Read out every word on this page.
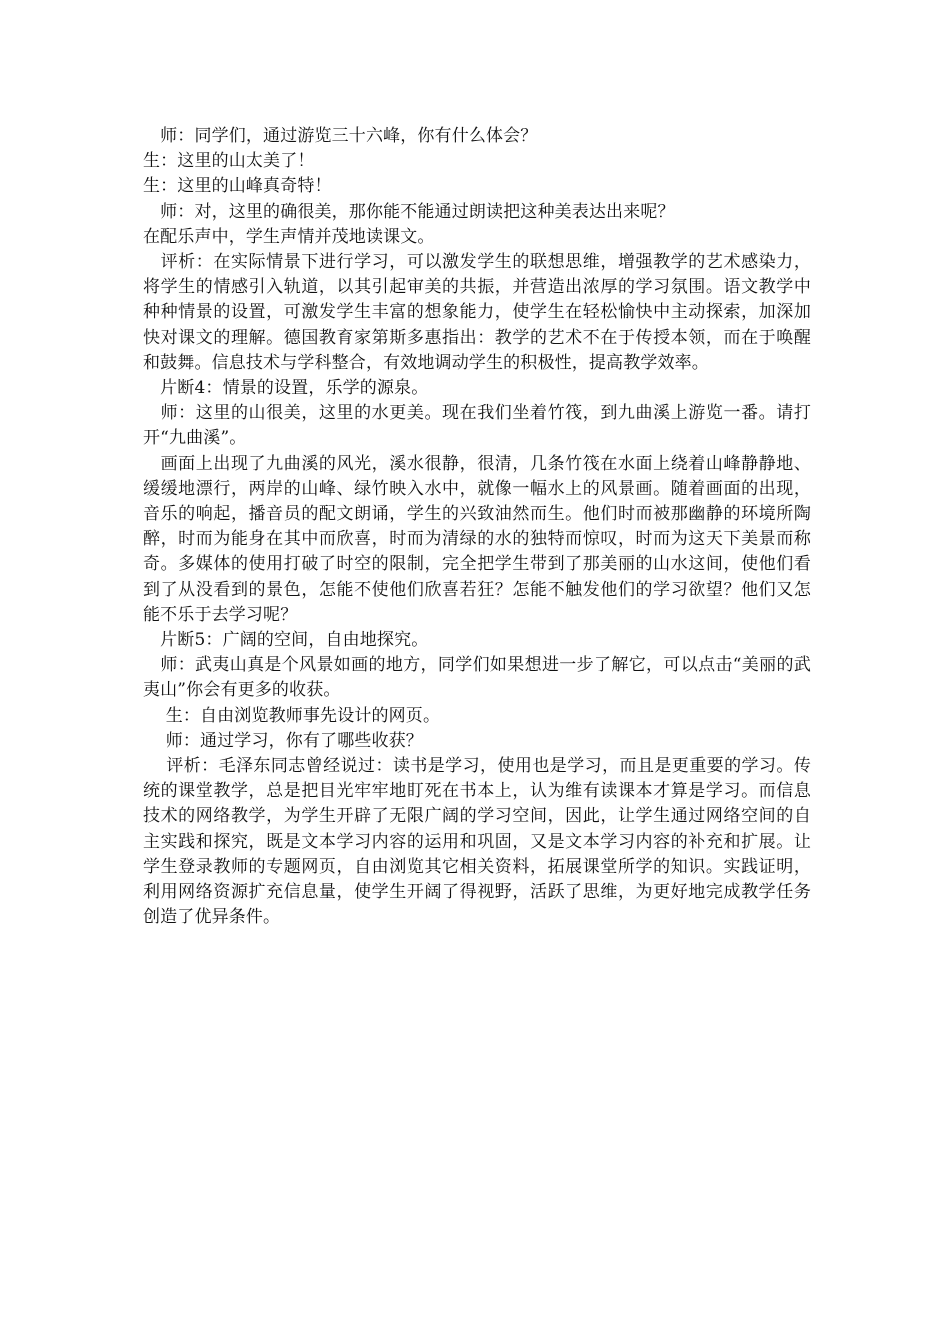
　师：同学们，通过游览三十六峰，你有什么体会？
生：这里的山太美了！
生：这里的山峰真奇特！
　师：对，这里的确很美，那你能不能通过朗读把这种美表达出来呢？
在配乐声中，学生声情并茂地读课文。

　评析：在实际情景下进行学习，可以激发学生的联想思维，增强教学的艺术感染力，将学生的情感引入轨道，以其引起审美的共振，并营造出浓厚的学习氛围。语文教学中种种情景的设置，可激发学生丰富的想象能力，使学生在轻松愉快中主动探索，加深加快对课文的理解。德国教育家第斯多惠指出：教学的艺术不在于传授本领，而在于唤醒和鼓舞。信息技术与学科整合，有效地调动学生的积极性，提高教学效率。

　片断4：情景的设置，乐学的源泉。

　师：这里的山很美，这里的水更美。现在我们坐着竹筏，到九曲溪上游览一番。请打开“九曲溪”。

　画面上出现了九曲溪的风光，溪水很静，很清，几条竹筏在水面上绕着山峰静静地、缓缓地漂行，两岸的山峰、绿竹映入水中，就像一幅水上的风景画。随着画面的出现，音乐的响起，播音员的配文朗诵，学生的兴致油然而生。他们时而被那幽静的环境所陶醉，时而为能身在其中而欣喜，时而为清绿的水的独特而惊叹，时而为这天下美景而称奇。多媒体的使用打破了时空的限制，完全把学生带到了那美丽的山水这间，使他们看到了从没看到的景色，怎能不使他们欣喜若狂？怎能不触发他们的学习欲望？他们又怎能不乐于去学习呢？

　片断5：广阔的空间，自由地探究。

　师：武夷山真是个风景如画的地方，同学们如果想进一步了解它，可以点击“美丽的武夷山”你会有更多的收获。

　 生：自由浏览教师事先设计的网页。
　 师：通过学习，你有了哪些收获？

　 评析：毛泽东同志曾经说过：读书是学习，使用也是学习，而且是更重要的学习。传统的课堂教学，总是把目光牢牢地盯死在书本上，认为维有读课本才算是学习。而信息技术的网络教学，为学生开辟了无限广阔的学习空间，因此，让学生通过网络空间的自主实践和探究，既是文本学习内容的运用和巩固，又是文本学习内容的补充和扩展。让学生登录教师的专题网页，自由浏览其它相关资料，拓展课堂所学的知识。实践证明，利用网络资源扩充信息量，使学生开阔了得视野，活跃了思维，为更好地完成教学任务创造了优异条件。
